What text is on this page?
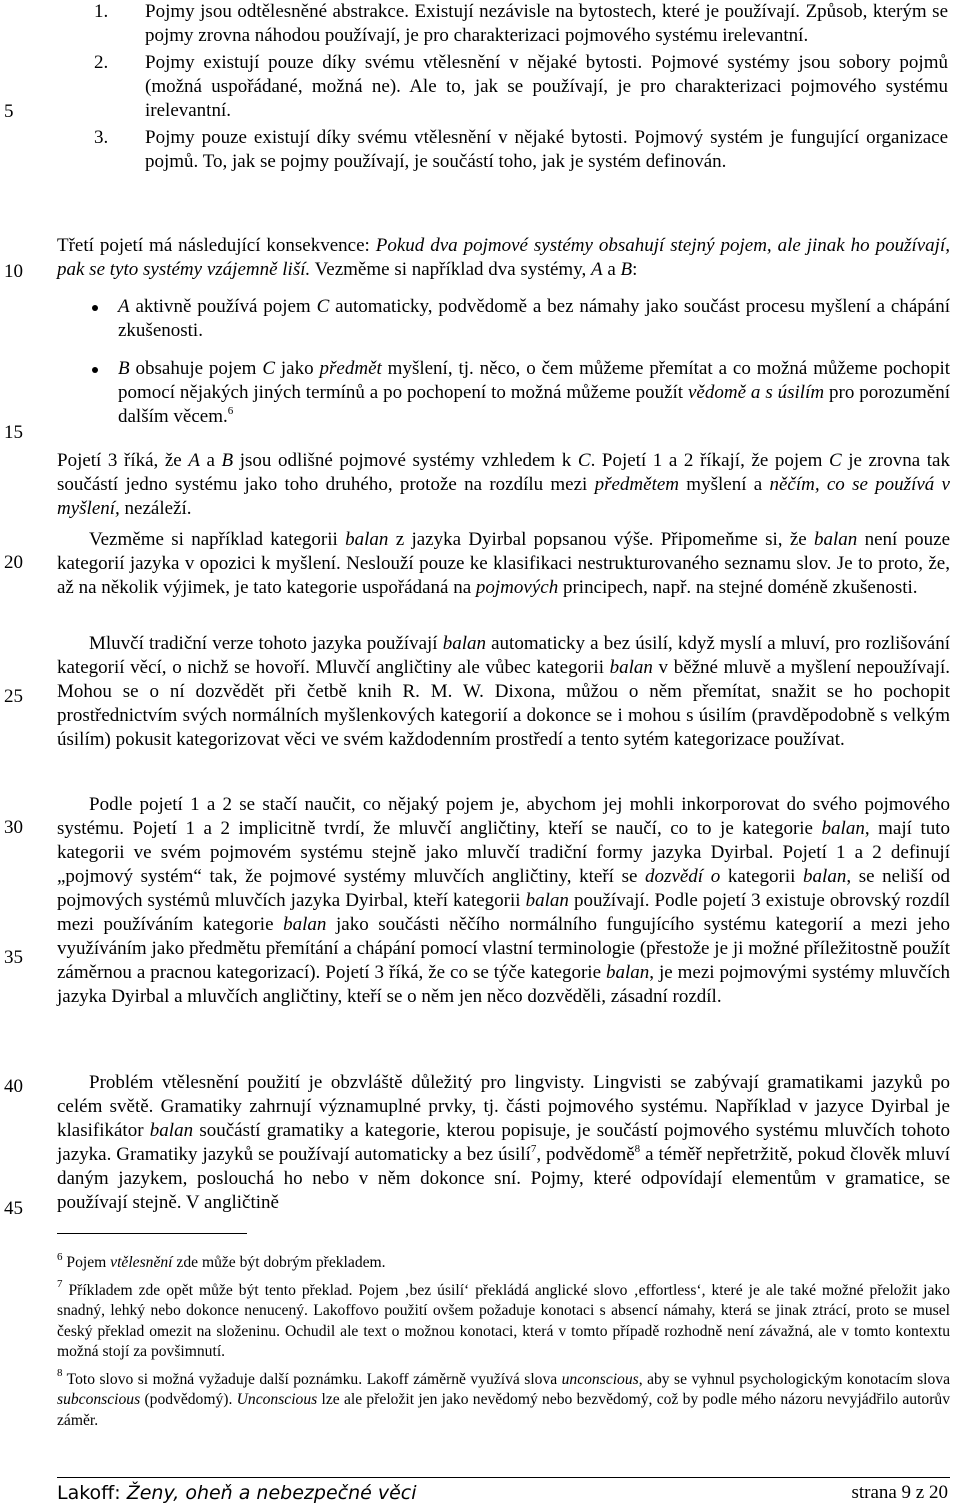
5
10
15
20
25
30
35
40
45
1. Pojmy jsou odtělesněné abstrakce. Existují nezávisle na bytostech, které je používají. Způsob, kterým se pojmy zrovna náhodou používají, je pro charakterizaci pojmového systému irelevantní.
2. Pojmy existují pouze díky svému vtělesnění v nějaké bytosti. Pojmové systémy jsou sobory pojmů (možná uspořádané, možná ne). Ale to, jak se používají, je pro charakterizaci pojmového systému irelevantní.
3. Pojmy pouze existují díky svému vtělesnění v nějaké bytosti. Pojmový systém je fungující organizace pojmů. To, jak se pojmy používají, je součástí toho, jak je systém definován.

Třetí pojetí má následující konsekvence: Pokud dva pojmové systémy obsahují stejný pojem, ale jinak ho používají, pak se tyto systémy vzájemně liší. Vezměme si například dva systémy, A a B:

A aktivně používá pojem C automaticky, podvědomě a bez námahy jako součást procesu myšlení a chápání zkušenosti.
B obsahuje pojem C jako předmět myšlení, tj. něco, o čem můžeme přemítat a co možná můžeme pochopit pomocí nějakých jiných termínů a po pochopení to možná můžeme použít vědomě a s úsilím pro porozumění dalším věcem.$^6$

Pojetí 3 říká, že A a B jsou odlišné pojmové systémy vzhledem k C. Pojetí 1 a 2 říkají, že pojem C je zrovna tak součástí jedno systému jako toho druhého, protože na rozdílu mezi předmětem myšlení a něčím, co se používá v myšlení, nezáleží.

Vezměme si například kategorii balan z jazyka Dyirbal popsanou výše. Připomeňme si, že balan není pouze kategorií jazyka v opozici k myšlení. Neslouží pouze ke klasifikaci nestrukturovaného seznamu slov. Je to proto, že, až na několik výjimek, je tato kategorie uspořádaná na pojmových principech, např. na stejné doméně zkušenosti.

Mluvčí tradiční verze tohoto jazyka používají balan automaticky a bez úsilí, když myslí a mluví, pro rozlišování kategorií věcí, o nichž se hovoří. Mluvčí angličtiny ale vůbec kategorii balan v běžné mluvě a myšlení nepoužívají. Mohou se o ní dozvědět při četbě knih R. M. W. Dixona, můžou o něm přemítat, snažit se ho pochopit prostřednictvím svých normálních myšlenkových kategorií a dokonce se i mohou s úsilím (pravděpodobně s velkým úsilím) pokusit kategorizovat věci ve svém každodenním prostředí a tento sytém kategorizace používat.

Podle pojetí 1 a 2 se stačí naučit, co nějaký pojem je, abychom jej mohli inkorporovat do svého pojmového systému. Pojetí 1 a 2 implicitně tvrdí, že mluvčí angličtiny, kteří se naučí, co to je kategorie balan, mají tuto kategorii ve svém pojmovém systému stejně jako mluvčí tradiční formy jazyka Dyirbal. Pojetí 1 a 2 definují „pojmový systém“ tak, že pojmové systémy mluvčích angličtiny, kteří se dozvědí o kategorii balan, se neliší od pojmových systémů mluvčích jazyka Dyirbal, kteří kategorii balan používají. Podle pojetí 3 existuje obrovský rozdíl mezi používáním kategorie balan jako součásti něčího normálního fungujícího systému kategorií a mezi jeho využíváním jako předmětu přemítání a chápání pomocí vlastní terminologie (přestože je ji možné příležitostně použít záměrnou a pracnou kategorizací). Pojetí 3 říká, že co se týče kategorie balan, je mezi pojmovými systémy mluvčích jazyka Dyirbal a mluvčích angličtiny, kteří se o něm jen něco dozvěděli, zásadní rozdíl.

Problém vtělesnění použití je obzvláště důležitý pro lingvisty. Lingvisti se zabývají gramatikami jazyků po celém světě. Gramatiky zahrnují významuplné prvky, tj. části pojmového systému. Například v jazyce Dyirbal je klasifikátor balan součástí gramatiky a kategorie, kterou popisuje, je součástí pojmového systému mluvčích tohoto jazyka. Gramatiky jazyků se používají automaticky a bez úsilí$^7$, podvědomě$^8$ a téměř nepřetržitě, pokud člověk mluví daným jazykem, poslouchá ho nebo v něm dokonce sní. Pojmy, které odpovídají elementům v gramatice, se používají stejně. V angličtině

$^6$ Pojem vtělesnění zde může být dobrým překladem.

$^7$ Příkladem zde opět může být tento překlad. Pojem ‚bez úsilí‘ překládá anglické slovo ‚effortless‘, které je ale také možné přeložit jako snadný, lehký nebo dokonce nenucený. Lakoffovo použití ovšem požaduje konotaci s absencí námahy, která se jinak ztrácí, proto se musel český překlad omezit na složeninu. Ochudil ale text o možnou konotaci, která v tomto případě rozhodně není závažná, ale v tomto kontextu možná stojí za povšimnutí.

$^8$ Toto slovo si možná vyžaduje další poznámku. Lakoff záměrně využívá slova unconscious, aby se vyhnul psychologickým konotacím slova subconscious (podvědomý). Unconscious lze ale přeložit jen jako nevědomý nebo bezvědomý, což by podle mého názoru nevyjádřilo autorův záměr.

Lakoff: Ženy, oheň a nebezpečné věci	strana 9 z 20
